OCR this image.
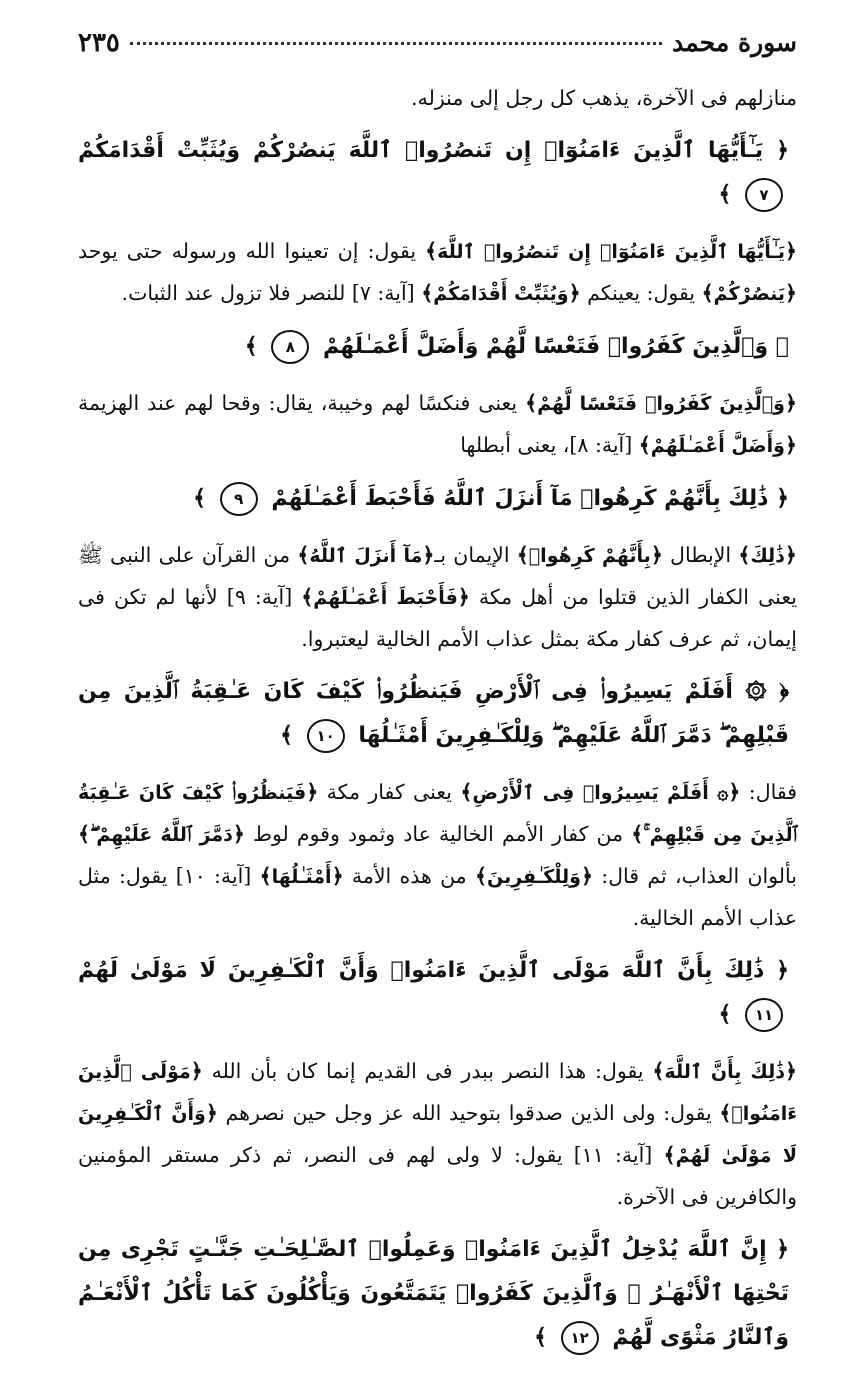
سورة محمد
٢٣٥

منازلهم فى الآخرة، يذهب كل رجل إلى منزله.

﴿ يَـٰٓأَيُّهَا ٱلَّذِينَ ءَامَنُوٓا۟ إِن تَنصُرُوا۟ ٱللَّهَ يَنصُرْكُمْ وَيُثَبِّتْ أَقْدَامَكُمْ ٧ ﴾

﴿يَـٰٓأَيُّهَا ٱلَّذِينَ ءَامَنُوٓا۟ إِن تَنصُرُوا۟ ٱللَّهَ﴾ يقول: إن تعينوا الله ورسوله حتى يوحد ﴿يَنصُرْكُمْ﴾ يقول: يعينكم ﴿وَيُثَبِّتْ أَقْدَامَكُمْ﴾ [آية: ٧] للنصر فلا تزول عند الثبات.

﴿ وَٱلَّذِينَ كَفَرُوا۟ فَتَعْسًا لَّهُمْ وَأَضَلَّ أَعْمَـٰلَهُمْ ٨ ﴾

﴿وَٱلَّذِينَ كَفَرُوا۟ فَتَعْسًا لَّهُمْ﴾ يعنى فنكسًا لهم وخيبة، يقال: وقحا لهم عند الهزيمة ﴿وَأَضَلَّ أَعْمَـٰلَهُمْ﴾ [آية: ٨]، يعنى أبطلها

﴿ ذَٰلِكَ بِأَنَّهُمْ كَرِهُوا۟ مَآ أَنزَلَ ٱللَّهُ فَأَحْبَطَ أَعْمَـٰلَهُمْ ٩ ﴾

﴿ذَٰلِكَ﴾ الإبطال ﴿بِأَنَّهُمْ كَرِهُوا۟﴾ الإيمان بـ﴿مَآ أَنزَلَ ٱللَّهُ﴾ من القرآن على النبى ﷺ يعنى الكفار الذين قتلوا من أهل مكة ﴿فَأَحْبَطَ أَعْمَـٰلَهُمْ﴾ [آية: ٩] لأنها لم تكن فى إيمان، ثم عرف كفار مكة بمثل عذاب الأمم الخالية ليعتبروا.

﴿ ۞ أَفَلَمْ يَسِيرُوا۟ فِى ٱلْأَرْضِ فَيَنظُرُوا۟ كَيْفَ كَانَ عَـٰقِبَةُ ٱلَّذِينَ مِن قَبْلِهِمْ ۖ دَمَّرَ ٱللَّهُ عَلَيْهِمْ ۖ وَلِلْكَـٰفِرِينَ أَمْثَـٰلُهَا ١٠ ﴾

فقال: ﴿۞ أَفَلَمْ يَسِيرُوا۟ فِى ٱلْأَرْضِ﴾ يعنى كفار مكة ﴿فَيَنظُرُوا۟ كَيْفَ كَانَ عَـٰقِبَةُ ٱلَّذِينَ مِن قَبْلِهِمْ ۚ﴾ من كفار الأمم الخالية عاد وثمود وقوم لوط ﴿دَمَّرَ ٱللَّهُ عَلَيْهِمْ ۖ﴾ بألوان العذاب، ثم قال: ﴿وَلِلْكَـٰفِرِينَ﴾ من هذه الأمة ﴿أَمْثَـٰلُهَا﴾ [آية: ١٠] يقول: مثل عذاب الأمم الخالية.

﴿ ذَٰلِكَ بِأَنَّ ٱللَّهَ مَوْلَى ٱلَّذِينَ ءَامَنُوا۟ وَأَنَّ ٱلْكَـٰفِرِينَ لَا مَوْلَىٰ لَهُمْ ١١ ﴾

﴿ذَٰلِكَ بِأَنَّ ٱللَّهَ﴾ يقول: هذا النصر ببدر فى القديم إنما كان بأن الله ﴿مَوْلَى ٱلَّذِينَ ءَامَنُوا۟﴾ يقول: ولى الذين صدقوا بتوحيد الله عز وجل حين نصرهم ﴿وَأَنَّ ٱلْكَـٰفِرِينَ لَا مَوْلَىٰ لَهُمْ﴾ [آية: ١١] يقول: لا ولى لهم فى النصر، ثم ذكر مستقر المؤمنين والكافرين فى الآخرة.

﴿ إِنَّ ٱللَّهَ يُدْخِلُ ٱلَّذِينَ ءَامَنُوا۟ وَعَمِلُوا۟ ٱلصَّـٰلِحَـٰتِ جَنَّـٰتٍ تَجْرِى مِن تَحْتِهَا ٱلْأَنْهَـٰرُ ۖ وَٱلَّذِينَ كَفَرُوا۟ يَتَمَتَّعُونَ وَيَأْكُلُونَ كَمَا تَأْكُلُ ٱلْأَنْعَـٰمُ وَٱلنَّارُ مَثْوًى لَّهُمْ ١٢ ﴾
